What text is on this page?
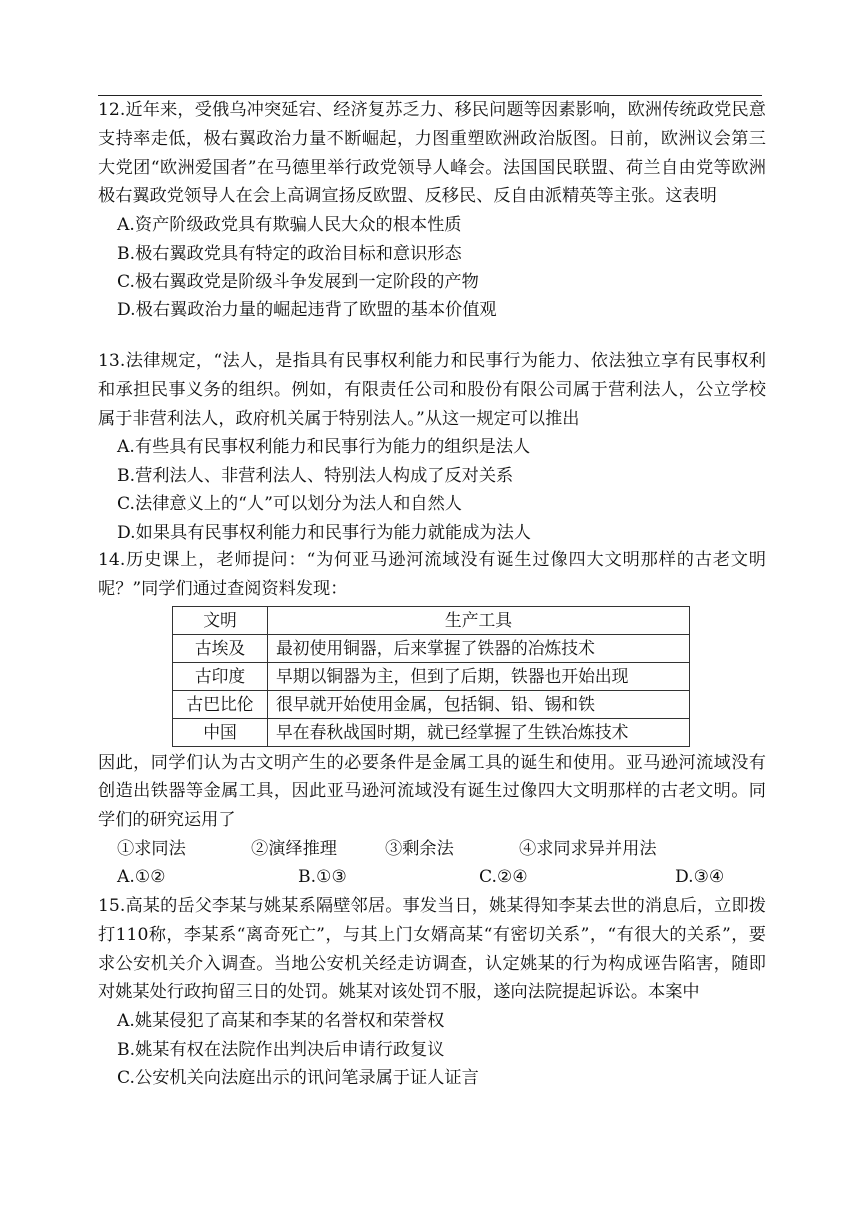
12.近年来，受俄乌冲突延宕、经济复苏乏力、移民问题等因素影响，欧洲传统政党民意支持率走低，极右翼政治力量不断崛起，力图重塑欧洲政治版图。日前，欧洲议会第三大党团“欧洲爱国者”在马德里举行政党领导人峰会。法国国民联盟、荷兰自由党等欧洲极右翼政党领导人在会上高调宣扬反欧盟、反移民、反自由派精英等主张。这表明
A.资产阶级政党具有欺骗人民大众的根本性质
B.极右翼政党具有特定的政治目标和意识形态
C.极右翼政党是阶级斗争发展到一定阶段的产物
D.极右翼政治力量的崛起违背了欧盟的基本价值观
13.法律规定，“法人，是指具有民事权利能力和民事行为能力、依法独立享有民事权利和承担民事义务的组织。例如，有限责任公司和股份有限公司属于营利法人，公立学校属于非营利法人，政府机关属于特别法人。”从这一规定可以推出
A.有些具有民事权利能力和民事行为能力的组织是法人
B.营利法人、非营利法人、特别法人构成了反对关系
C.法律意义上的“人”可以划分为法人和自然人
D.如果具有民事权利能力和民事行为能力就能成为法人
14.历史课上，老师提问：“为何亚马逊河流域没有诞生过像四大文明那样的古老文明呢？”同学们通过查阅资料发现：
文明	生产工具
古埃及	最初使用铜器，后来掌握了铁器的冶炼技术
古印度	早期以铜器为主，但到了后期，铁器也开始出现
古巴比伦	很早就开始使用金属，包括铜、铅、锡和铁
中国	早在春秋战国时期，就已经掌握了生铁冶炼技术
因此，同学们认为古文明产生的必要条件是金属工具的诞生和使用。亚马逊河流域没有创造出铁器等金属工具，因此亚马逊河流域没有诞生过像四大文明那样的古老文明。同学们的研究运用了
①求同法	②演绎推理	③剩余法	④求同求异并用法
A.①②	B.①③	C.②④	D.③④
15.高某的岳父李某与姚某系隔壁邻居。事发当日，姚某得知李某去世的消息后，立即拨打110称，李某系“离奇死亡”，与其上门女婿高某“有密切关系”，“有很大的关系”，要求公安机关介入调查。当地公安机关经走访调查，认定姚某的行为构成诬告陷害，随即对姚某处行政拘留三日的处罚。姚某对该处罚不服，遂向法院提起诉讼。本案中
A.姚某侵犯了高某和李某的名誉权和荣誉权
B.姚某有权在法院作出判决后申请行政复议
C.公安机关向法庭出示的讯问笔录属于证人证言
